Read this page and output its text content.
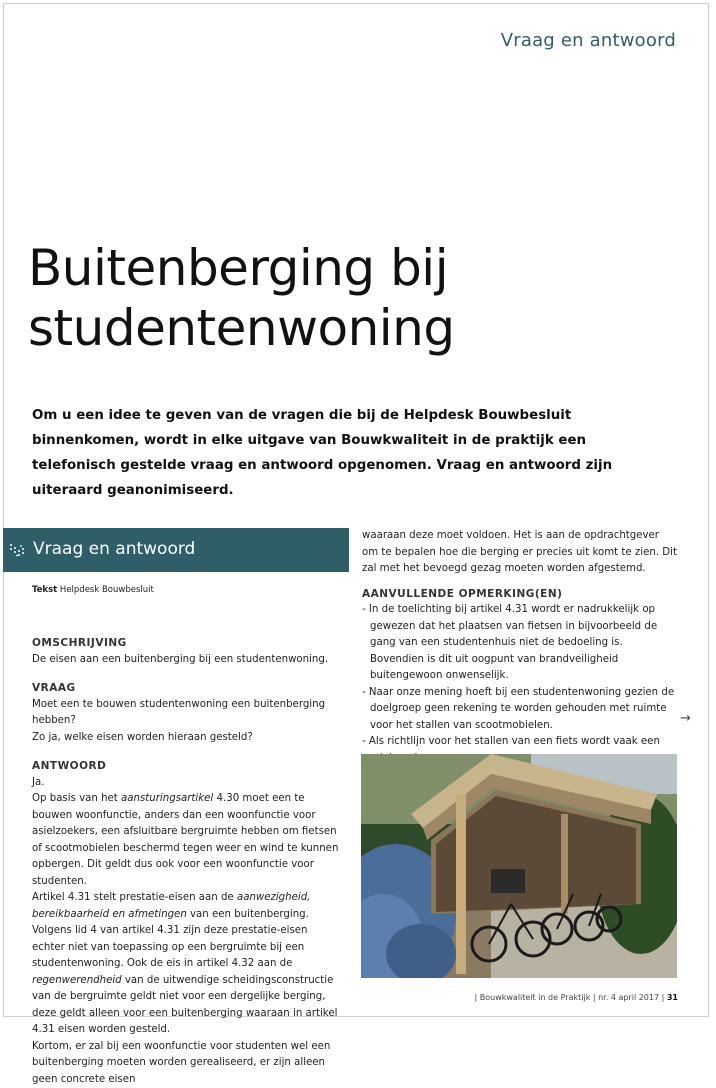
Vraag en antwoord
Buitenberging bij
studentenwoning

Om u een idee te geven van de vragen die bij de Helpdesk Bouwbesluit binnenkomen, wordt in elke uitgave van Bouwkwaliteit in de praktijk een telefonisch gestelde vraag en antwoord opgenomen. Vraag en antwoord zijn uiteraard geanonimiseerd.

Vraag en antwoord
Tekst Helpdesk Bouwbesluit

OMSCHRIJVING

De eisen aan een buitenberging bij een studentenwoning.

VRAAG

Moet een te bouwen studentenwoning een buitenberging hebben?

Zo ja, welke eisen worden hieraan gesteld?

ANTWOORD

Ja.

Op basis van het aansturingsartikel 4.30 moet een te bouwen woonfunctie, anders dan een woonfunctie voor asielzoekers, een afsluitbare bergruimte hebben om fietsen of scootmobielen beschermd tegen weer en wind te kunnen opbergen. Dit geldt dus ook voor een woonfunctie voor studenten.

Artikel 4.31 stelt prestatie-eisen aan de aanwezigheid, bereikbaarheid en afmetingen van een buitenberging. Volgens lid 4 van artikel 4.31 zijn deze prestatie-eisen echter niet van toepassing op een bergruimte bij een studentenwoning. Ook de eis in artikel 4.32 aan de regenwerendheid van de uitwendige scheidingsconstructie van de bergruimte geldt niet voor een dergelijke berging, deze geldt alleen voor een buitenberging waaraan in artikel 4.31 eisen worden gesteld.

Kortom, er zal bij een woonfunctie voor studenten wel een buitenberging moeten worden gerealiseerd, er zijn alleen geen concrete eisen

waaraan deze moet voldoen. Het is aan de opdrachtgever om te bepalen hoe die berging er precies uit komt te zien. Dit zal met het bevoegd gezag moeten worden afgestemd.

AANVULLENDE OPMERKING(EN)

- In de toelichting bij artikel 4.31 wordt er nadrukkelijk op gewezen dat het plaatsen van fietsen in bijvoorbeeld de gang van een studentenhuis niet de bedoeling is. Bovendien is dit uit oogpunt van brandveiligheid buitengewoon onwenselijk.

- Naar onze mening hoeft bij een studentenwoning gezien de doelgroep geen rekening te worden gehouden met ruimte voor het stallen van scootmobielen.

- Als richtlijn voor het stallen van een fiets wordt vaak een

→
| Bouwkwaliteit in de Praktijk | nr. 4 april 2017 | 31
